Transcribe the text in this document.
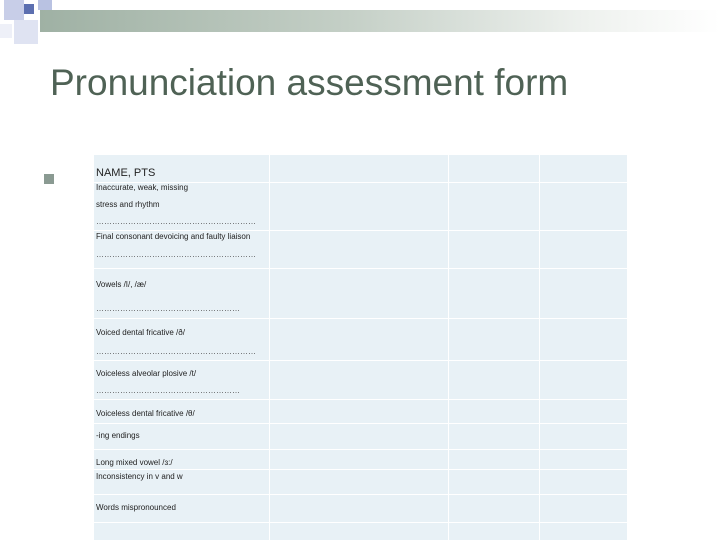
Pronunciation assessment form
NAME, PTS
Inaccurate, weak, missing
stress and rhythm
……………………………………………………
Final consonant devoicing and faulty liaison
……………………………………………………
Vowels /I/, /æ/
………………………………………………
Voiced dental fricative /ð/
……………………………………………………
Voiceless alveolar plosive /t/
………………………………………………
Voiceless dental fricative /θ/
-ing endings
Long mixed vowel /ɜ:/
Inconsistency in v and w
Words mispronounced
